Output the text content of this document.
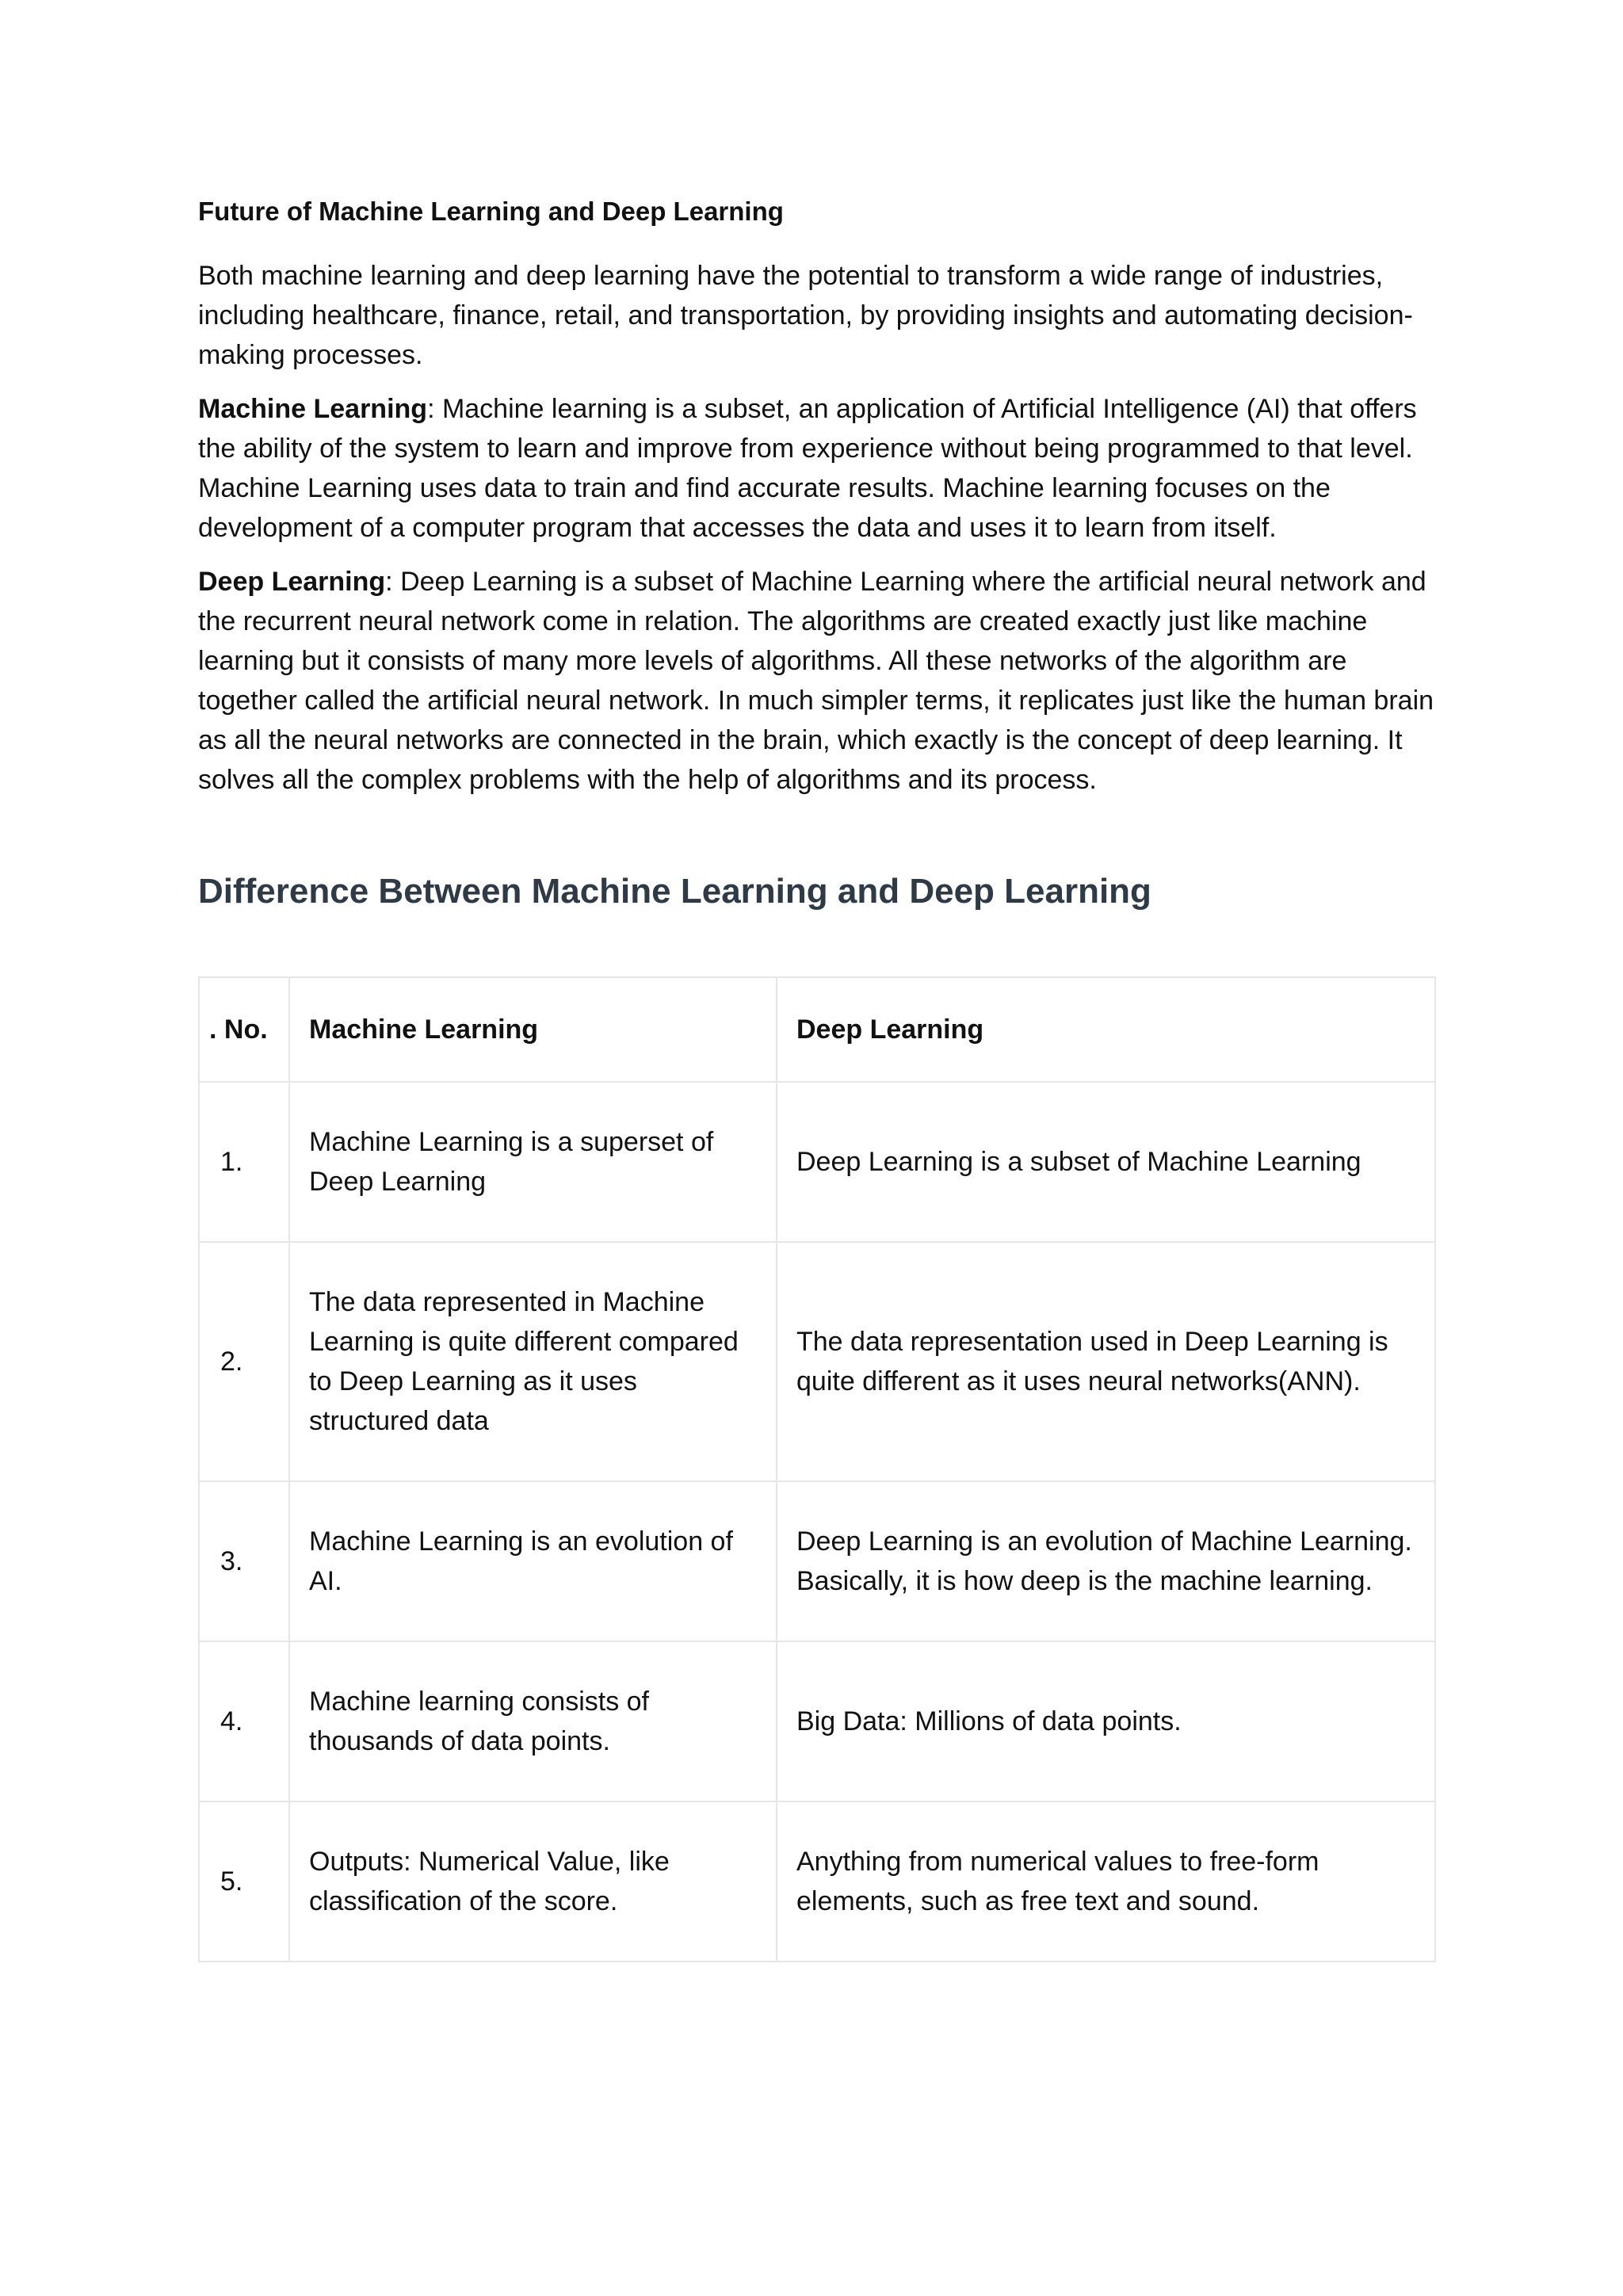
Future of Machine Learning and Deep Learning

Both machine learning and deep learning have the potential to transform a wide range of industries, including healthcare, finance, retail, and transportation, by providing insights and automating decision-making processes.

Machine Learning: Machine learning is a subset, an application of Artificial Intelligence (AI) that offers the ability of the system to learn and improve from experience without being programmed to that level. Machine Learning uses data to train and find accurate results. Machine learning focuses on the development of a computer program that accesses the data and uses it to learn from itself.

Deep Learning: Deep Learning is a subset of Machine Learning where the artificial neural network and the recurrent neural network come in relation. The algorithms are created exactly just like machine learning but it consists of many more levels of algorithms. All these networks of the algorithm are together called the artificial neural network. In much simpler terms, it replicates just like the human brain as all the neural networks are connected in the brain, which exactly is the concept of deep learning. It solves all the complex problems with the help of algorithms and its process.

Difference Between Machine Learning and Deep Learning
. No.	Machine Learning	Deep Learning
1.	Machine Learning is a superset of Deep Learning	Deep Learning is a subset of Machine Learning
2.	The data represented in Machine Learning is quite different compared to Deep Learning as it uses structured data	The data representation used in Deep Learning is quite different as it uses neural networks(ANN).
3.	Machine Learning is an evolution of AI.	Deep Learning is an evolution of Machine Learning. Basically, it is how deep is the machine learning.
4.	Machine learning consists of thousands of data points.	Big Data: Millions of data points.
5.	Outputs: Numerical Value, like classification of the score.	Anything from numerical values to free-form elements, such as free text and sound.
